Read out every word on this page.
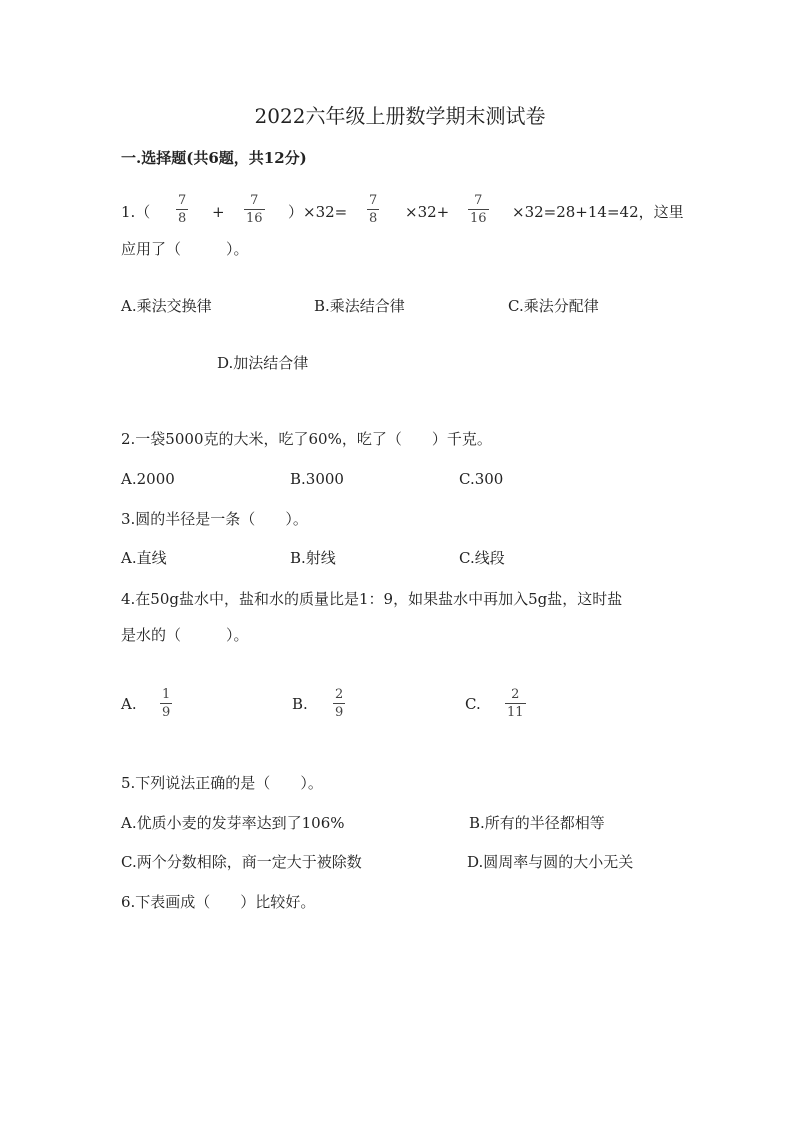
2022六年级上册数学期末测试卷
一.选择题(共6题，共12分)
1.（
7
8 +
7
16 ）×32=
7
8 ×32+
7
16 ×32=28+14=42，这里
应用了（　　　）。
A.乘法交换律	B.乘法结合律	C.乘法分配律
D.加法结合律
2.一袋5000克的大米，吃了60%，吃了（　　）千克。
A.2000	B.3000	C.300
3.圆的半径是一条（　　）。
A.直线	B.射线	C.线段
4.在50g盐水中，盐和水的质量比是1：9，如果盐水中再加入5g盐，这时盐
是水的（　　　）。
A.
1
9	B.
2
9	C.
2
11
5.下列说法正确的是（　　）。
A.优质小麦的发芽率达到了106%	B.所有的半径都相等
C.两个分数相除，商一定大于被除数	D.圆周率与圆的大小无关
6.下表画成（　　）比较好。
